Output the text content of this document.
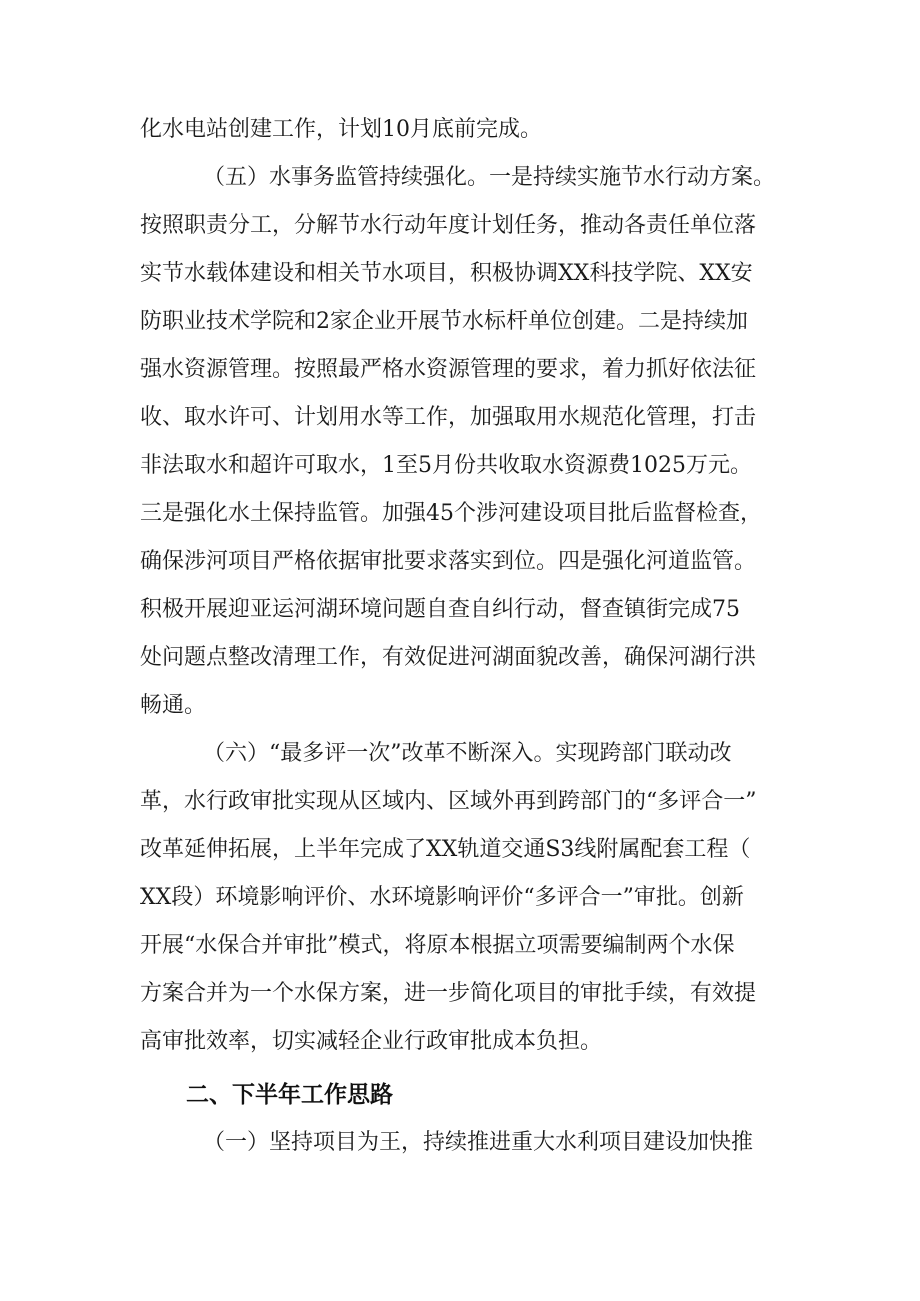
化水电站创建工作，计划10月底前完成。
（五）水事务监管持续强化。一是持续实施节水行动方案。
按照职责分工，分解节水行动年度计划任务，推动各责任单位落
实节水载体建设和相关节水项目，积极协调XX科技学院、XX安
防职业技术学院和2家企业开展节水标杆单位创建。二是持续加
强水资源管理。按照最严格水资源管理的要求，着力抓好依法征
收、取水许可、计划用水等工作，加强取用水规范化管理，打击
非法取水和超许可取水，1至5月份共收取水资源费1025万元。
三是强化水土保持监管。加强45个涉河建设项目批后监督检查，
确保涉河项目严格依据审批要求落实到位。四是强化河道监管。
积极开展迎亚运河湖环境问题自查自纠行动，督查镇街完成75
处问题点整改清理工作，有效促进河湖面貌改善，确保河湖行洪
畅通。
（六）“最多评一次”改革不断深入。实现跨部门联动改
革，水行政审批实现从区域内、区域外再到跨部门的“多评合一”
改革延伸拓展，上半年完成了XX轨道交通S3线附属配套工程（
XX段）环境影响评价、水环境影响评价“多评合一”审批。创新
开展“水保合并审批”模式，将原本根据立项需要编制两个水保
方案合并为一个水保方案，进一步简化项目的审批手续，有效提
高审批效率，切实减轻企业行政审批成本负担。
二、下半年工作思路
（一）坚持项目为王，持续推进重大水利项目建设加快推
